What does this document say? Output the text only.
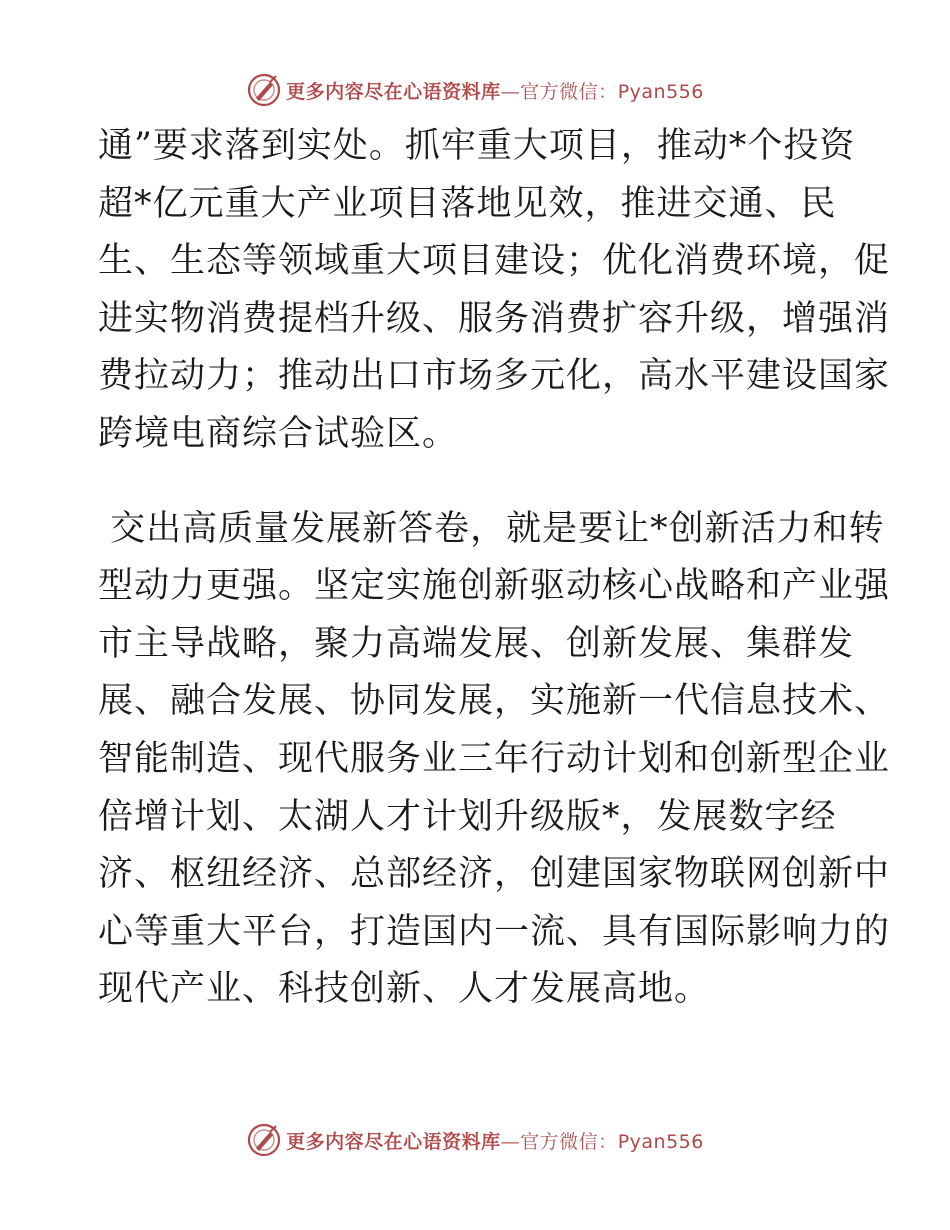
更多内容尽在心语资料库—官方微信：Pyan556
通”要求落到实处。抓牢重大项目，推动*个投资
超*亿元重大产业项目落地见效，推进交通、民
生、生态等领域重大项目建设；优化消费环境，促
进实物消费提档升级、服务消费扩容升级，增强消
费拉动力；推动出口市场多元化，高水平建设国家
跨境电商综合试验区。
交出高质量发展新答卷，就是要让*创新活力和转
型动力更强。坚定实施创新驱动核心战略和产业强
市主导战略，聚力高端发展、创新发展、集群发
展、融合发展、协同发展，实施新一代信息技术、
智能制造、现代服务业三年行动计划和创新型企业
倍增计划、太湖人才计划升级版*，发展数字经
济、枢纽经济、总部经济，创建国家物联网创新中
心等重大平台，打造国内一流、具有国际影响力的
现代产业、科技创新、人才发展高地。
更多内容尽在心语资料库—官方微信：Pyan556
